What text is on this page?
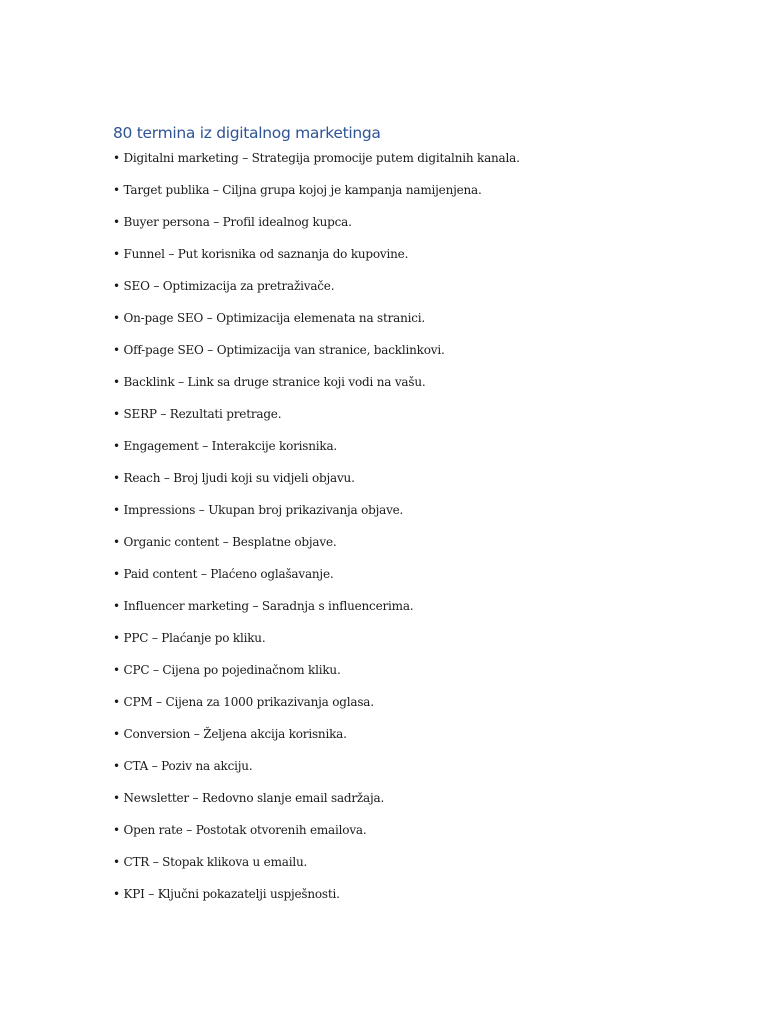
80 termina iz digitalnog marketinga
• Digitalni marketing – Strategija promocije putem digitalnih kanala.
• Target publika – Ciljna grupa kojoj je kampanja namijenjena.
• Buyer persona – Profil idealnog kupca.
• Funnel – Put korisnika od saznanja do kupovine.
• SEO – Optimizacija za pretraživače.
• On-page SEO – Optimizacija elemenata na stranici.
• Off-page SEO – Optimizacija van stranice, backlinkovi.
• Backlink – Link sa druge stranice koji vodi na vašu.
• SERP – Rezultati pretrage.
• Engagement – Interakcije korisnika.
• Reach – Broj ljudi koji su vidjeli objavu.
• Impressions – Ukupan broj prikazivanja objave.
• Organic content – Besplatne objave.
• Paid content – Plaćeno oglašavanje.
• Influencer marketing – Saradnja s influencerima.
• PPC – Plaćanje po kliku.
• CPC – Cijena po pojedinačnom kliku.
• CPM – Cijena za 1000 prikazivanja oglasa.
• Conversion – Željena akcija korisnika.
• CTA – Poziv na akciju.
• Newsletter – Redovno slanje email sadržaja.
• Open rate – Postotak otvorenih emailova.
• CTR – Stopak klikova u emailu.
• KPI – Ključni pokazatelji uspješnosti.
